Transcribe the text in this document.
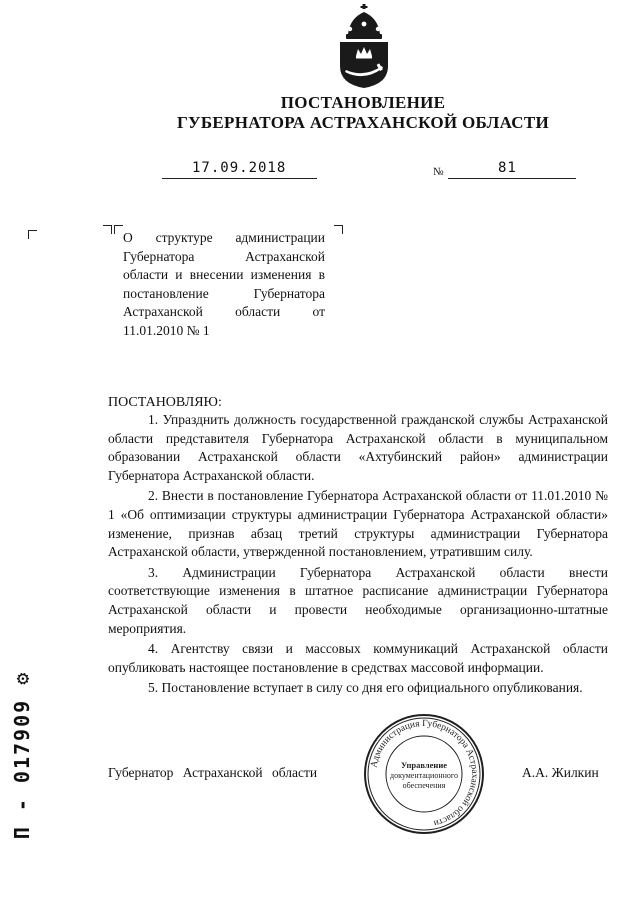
ПОСТАНОВЛЕНИЕ
ГУБЕРНАТОРА АСТРАХАНСКОЙ ОБЛАСТИ
17.09.2018	№	81
О структуре администрации Губернатора Астраханской области и внесении изменения в постановление Губернатора Астраханской области от 11.01.2010 № 1
ПОСТАНОВЛЯЮ:

1. Упразднить должность государственной гражданской службы Астраханской области представителя Губернатора Астраханской области в муниципальном образовании Астраханской области «Ахтубинский район» администрации Губернатора Астраханской области.

2. Внести в постановление Губернатора Астраханской области от 11.01.2010 № 1 «Об оптимизации структуры администрации Губернатора Астраханской области» изменение, признав абзац третий структуры администрации Губернатора Астраханской области, утвержденной постановлением, утратившим силу.

3. Администрации Губернатора Астраханской области внести соответствующие изменения в штатное расписание администрации Губернатора Астраханской области и провести необходимые организационно-штатные мероприятия.

4. Агентству связи и массовых коммуникаций Астраханской области опубликовать настоящее постановление в средствах массовой информации.

5. Постановление вступает в силу со дня его официального опубликования.

Губернатор Астраханской области	А.А. Жилкин
Администрация Губернатора Астраханской области
Управление
документационного
обеспечения
П - 017909 ⚙
